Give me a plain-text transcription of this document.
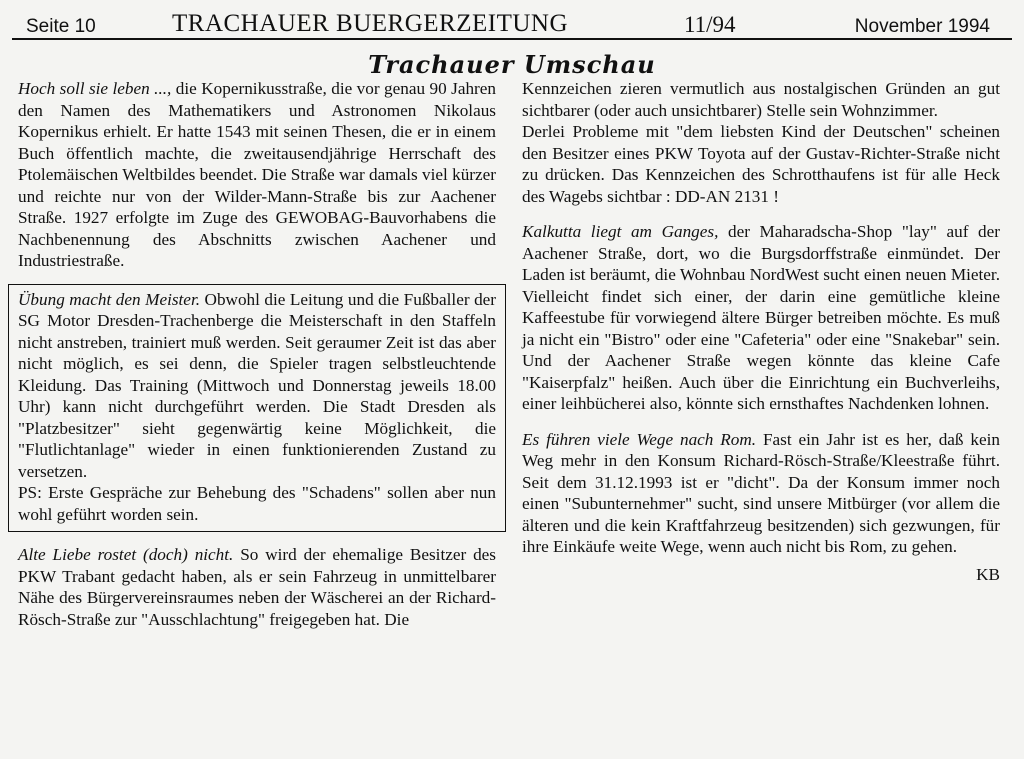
Seite 10	TRACHAUER BUERGERZEITUNG	11/94	November 1994
Trachauer Umschau

Hoch soll sie leben ..., die Kopernikusstraße, die vor genau 90 Jahren den Namen des Mathematikers und Astronomen Nikolaus Kopernikus erhielt. Er hatte 1543 mit seinen Thesen, die er in einem Buch öffentlich machte, die zweitausendjährige Herrschaft des Ptolemäischen Weltbildes beendet. Die Straße war damals viel kürzer und reichte nur von der Wilder-Mann-Straße bis zur Aachener Straße. 1927 erfolgte im Zuge des GEWOBAG-Bauvorhabens die Nachbenennung des Abschnitts zwischen Aachener und Industriestraße.

Übung macht den Meister. Obwohl die Leitung und die Fußballer der SG Motor Dresden-Trachenberge die Meisterschaft in den Staffeln nicht anstreben, trainiert muß werden. Seit geraumer Zeit ist das aber nicht möglich, es sei denn, die Spieler tragen selbstleuchtende Kleidung. Das Training (Mittwoch und Donnerstag jeweils 18.00 Uhr) kann nicht durchgeführt werden. Die Stadt Dresden als "Platzbesitzer" sieht gegenwärtig keine Möglichkeit, die "Flutlichtanlage" wieder in einen funktionierenden Zustand zu versetzen.

PS: Erste Gespräche zur Behebung des "Schadens" sollen aber nun wohl geführt worden sein.

Alte Liebe rostet (doch) nicht. So wird der ehemalige Besitzer des PKW Trabant gedacht haben, als er sein Fahrzeug in unmittelbarer Nähe des Bürgervereinsraumes neben der Wäscherei an der Richard-Rösch-Straße zur "Ausschlachtung" freigegeben hat. Die

Kennzeichen zieren vermutlich aus nostalgischen Gründen an gut sichtbarer (oder auch unsichtbarer) Stelle sein Wohnzimmer.

Derlei Probleme mit "dem liebsten Kind der Deutschen" scheinen den Besitzer eines PKW Toyota auf der Gustav-Richter-Straße nicht zu drücken. Das Kennzeichen des Schrotthaufens ist für alle Heck des Wagebs sichtbar : DD-AN 2131 !

Kalkutta liegt am Ganges, der Maharadscha-Shop "lay" auf der Aachener Straße, dort, wo die Burgsdorffstraße einmündet. Der Laden ist beräumt, die Wohnbau NordWest sucht einen neuen Mieter. Vielleicht findet sich einer, der darin eine gemütliche kleine Kaffeestube für vorwiegend ältere Bürger betreiben möchte. Es muß ja nicht ein "Bistro" oder eine "Cafeteria" oder eine "Snakebar" sein. Und der Aachener Straße wegen könnte das kleine Cafe "Kaiserpfalz" heißen. Auch über die Einrichtung ein Buchverleihs, einer leihbücherei also, könnte sich ernsthaftes Nachdenken lohnen.

Es führen viele Wege nach Rom. Fast ein Jahr ist es her, daß kein Weg mehr in den Konsum Richard-Rösch-Straße/Kleestraße führt. Seit dem 31.12.1993 ist er "dicht". Da der Konsum immer noch einen "Subunternehmer" sucht, sind unsere Mitbürger (vor allem die älteren und die kein Kraftfahrzeug besitzenden) sich gezwungen, für ihre Einkäufe weite Wege, wenn auch nicht bis Rom, zu gehen.

KB
